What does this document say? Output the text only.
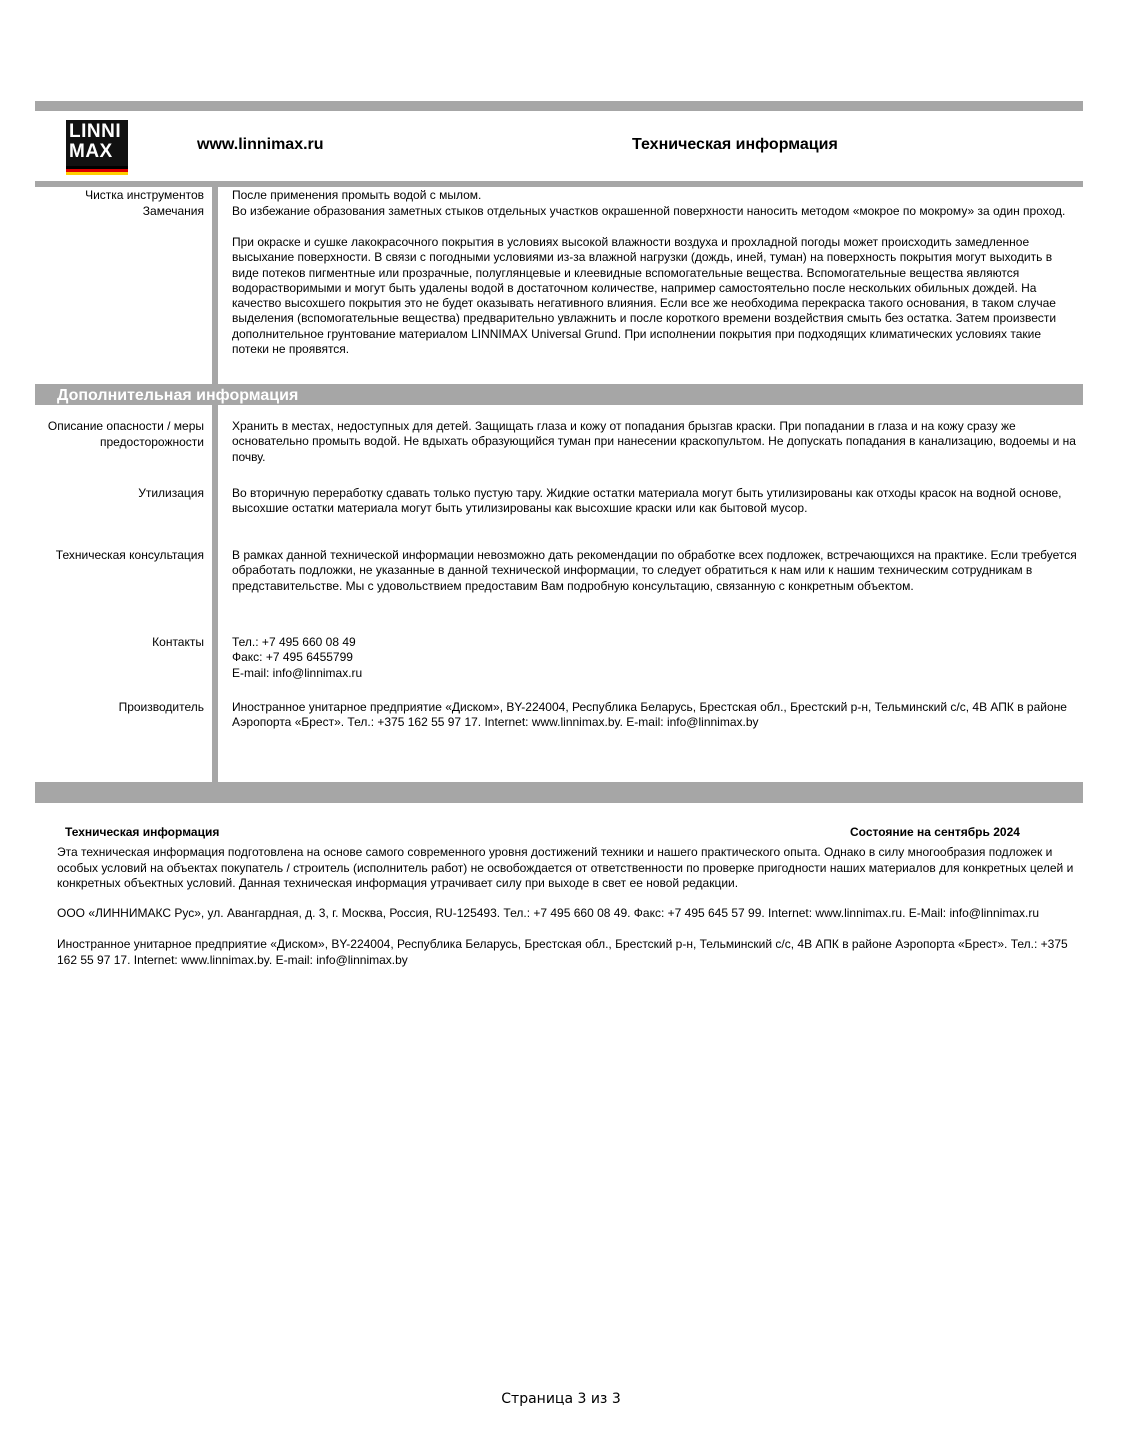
LINNI
MAX	www.linnimax.ru	Техническая информация
Чистка инструментов После применения промыть водой с мылом.
Замечания Во избежание образования заметных стыков отдельных участков окрашенной поверхности наносить методом «мокрое по мокрому» за один проход.
При окраске и сушке лакокрасочного покрытия в условиях высокой влажности воздуха и прохладной погоды может происходить замедленное высыхание поверхности. В связи с погодными условиями из-за влажной нагрузки (дождь, иней, туман) на поверхность покрытия могут выходить в виде потеков пигментные или прозрачные, полуглянцевые и клеевидные вспомогательные вещества. Вспомогательные вещества являются водорастворимыми и могут быть удалены водой в достаточном количестве, например самостоятельно после нескольких обильных дождей. На качество высохшего покрытия это не будет оказывать негативного влияния. Если все же необходима перекраска такого основания, в таком случае выделения (вспомогательные вещества) предварительно увлажнить и после короткого времени воздействия смыть без остатка. Затем произвести дополнительное грунтование материалом LINNIMAX Universal Grund. При исполнении покрытия при подходящих климатических условиях такие потеки не проявятся.
Дополнительная информация
Описание опасности / меры предосторожности
Хранить в местах, недоступных для детей. Защищать глаза и кожу от попадания брызгав краски. При попадании в глаза и на кожу сразу же основательно промыть водой. Не вдыхать образующийся туман при нанесении краскопультом. Не допускать попадания в канализацию, водоемы и на почву.
Утилизация Во вторичную переработку сдавать только пустую тару. Жидкие остатки материала могут быть утилизированы как отходы красок на водной основе, высохшие остатки материала могут быть утилизированы как высохшие краски или как бытовой мусор.
Техническая консультация В рамках данной технической информации невозможно дать рекомендации по обработке всех подложек, встречающихся на практике. Если требуется обработать подложки, не указанные в данной технической информации, то следует обратиться к нам или к нашим техническим сотрудникам в представительстве. Мы с удовольствием предоставим Вам подробную консультацию, связанную с конкретным объектом.
Контакты Тел.: +7 495 660 08 49

Факс: +7 495 6455799

E-mail: info@linnimax.ru

Производитель Иностранное унитарное предприятие «Диском», BY-224004, Республика Беларусь, Брестская обл., Брестский р-н, Тельминский с/с, 4В АПК в районе Аэропорта «Брест». Тел.: +375 162 55 97 17. Internet: www.linnimax.by. E-mail: info@linnimax.by
Техническая информация	Состояние на сентябрь 2024
Эта техническая информация подготовлена на основе самого современного уровня достижений техники и нашего практического опыта. Однако в силу многообразия подложек и особых условий на объектах покупатель / строитель (исполнитель работ) не освобождается от ответственности по проверке пригодности наших материалов для конкретных целей и конкретных объектных условий. Данная техническая информация утрачивает силу при выходе в свет ее новой редакции.
ООО «ЛИННИМАКС Рус», ул. Авангардная, д. 3, г. Москва, Россия, RU-125493. Тел.: +7 495 660 08 49. Факс: +7 495 645 57 99. Internet: www.linnimax.ru. E-Mail: info@linnimax.ru
Иностранное унитарное предприятие «Диском», BY-224004, Республика Беларусь, Брестская обл., Брестский р-н, Тельминский с/с, 4В АПК в районе Аэропорта «Брест». Тел.: +375 162 55 97 17. Internet: www.linnimax.by. E-mail: info@linnimax.by
Страница 3 из 3
